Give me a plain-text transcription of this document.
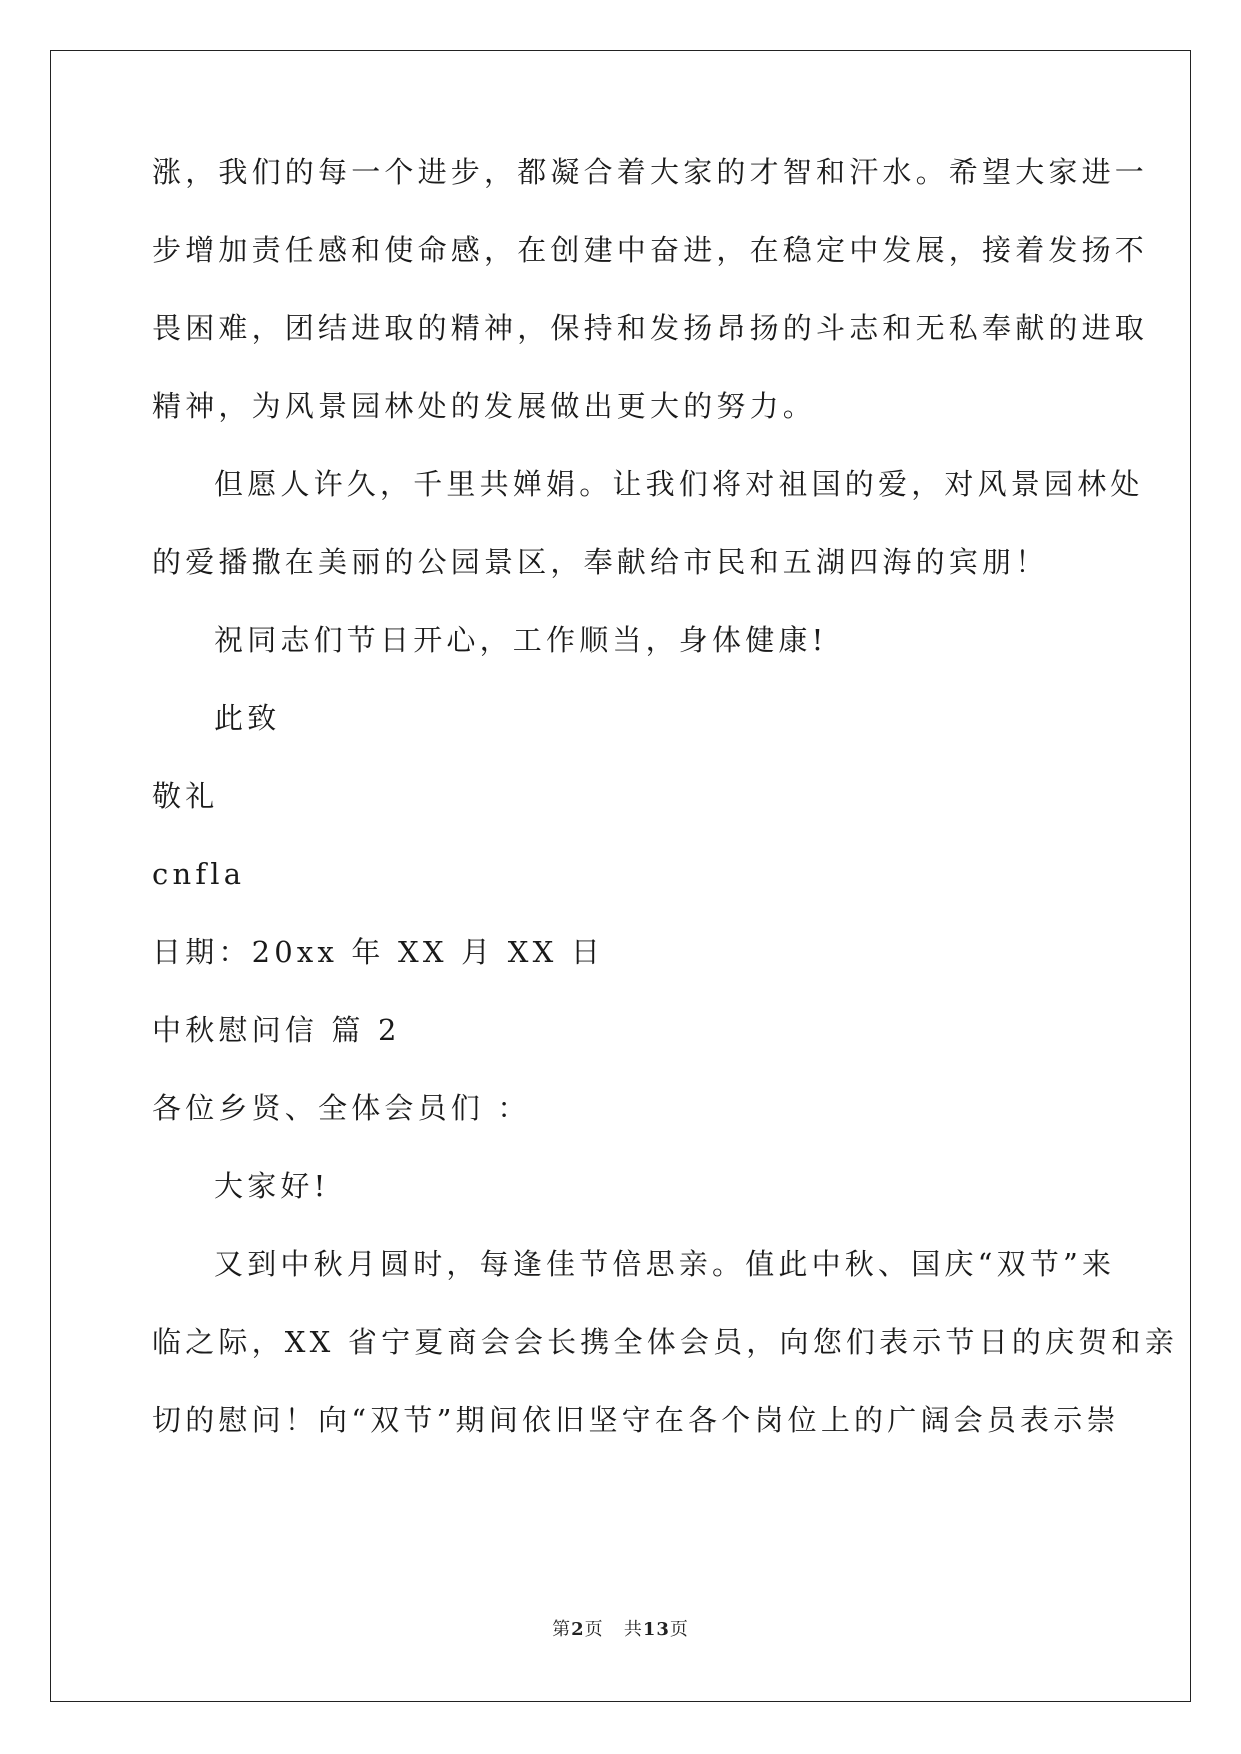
涨，我们的每一个进步，都凝合着大家的才智和汗水。希望大家进一
步增加责任感和使命感，在创建中奋进，在稳定中发展，接着发扬不
畏困难，团结进取的精神，保持和发扬昂扬的斗志和无私奉献的进取
精神，为风景园林处的发展做出更大的努力。
但愿人许久，千里共婵娟。让我们将对祖国的爱，对风景园林处
的爱播撒在美丽的公园景区，奉献给市民和五湖四海的宾朋！
祝同志们节日开心，工作顺当，身体健康!
此致
敬礼
cnfla
日期：20xx 年 XX 月 XX 日
中秋慰问信 篇 2
各位乡贤、全体会员们 ：
大家好!
又到中秋月圆时，每逢佳节倍思亲。值此中秋、国庆“双节”来
临之际，XX 省宁夏商会会长携全体会员，向您们表示节日的庆贺和亲
切的慰问！向“双节”期间依旧坚守在各个岗位上的广阔会员表示崇
第2页 共13页
